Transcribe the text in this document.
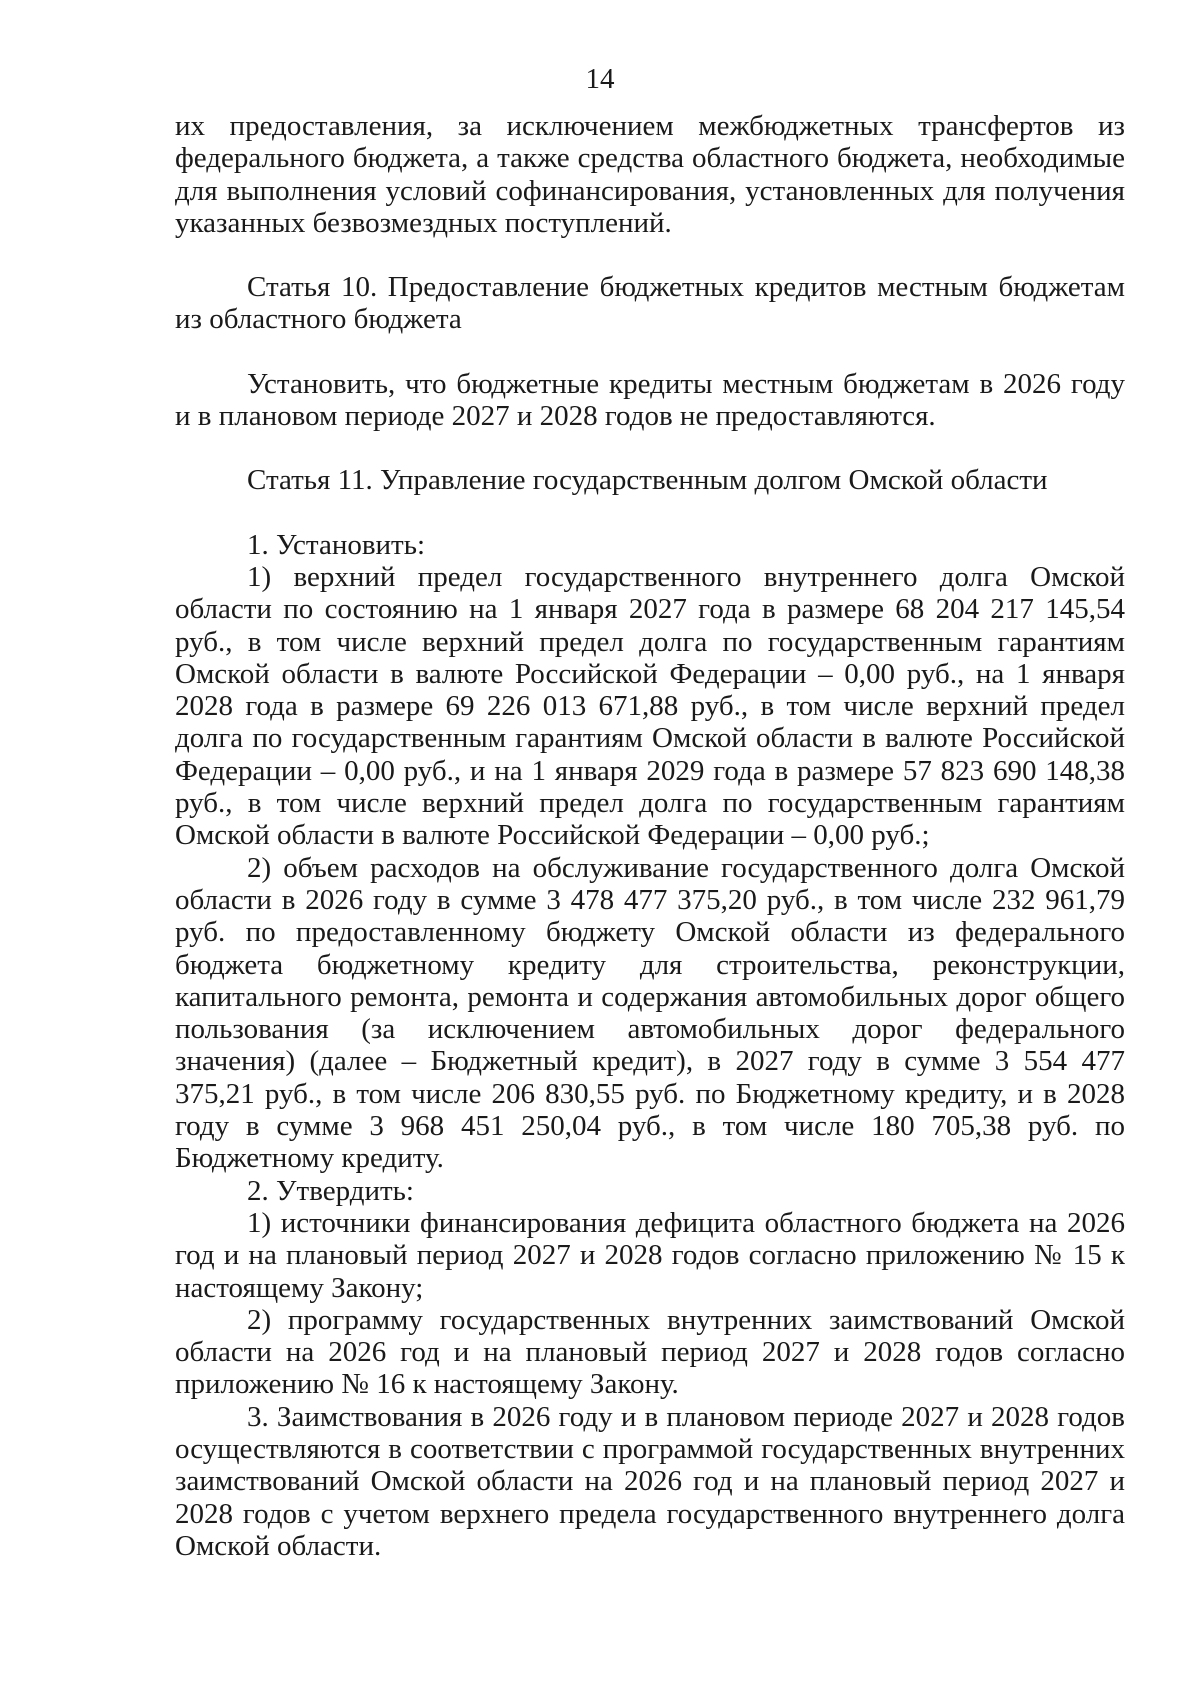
14

их предоставления, за исключением межбюджетных трансфертов из федерального бюджета, а также средства областного бюджета, необходимые для выполнения условий софинансирования, установленных для получения указанных безвозмездных поступлений.

Статья 10. Предоставление бюджетных кредитов местным бюджетам из областного бюджета

Установить, что бюджетные кредиты местным бюджетам в 2026 году и в плановом периоде 2027 и 2028 годов не предоставляются.

Статья 11. Управление государственным долгом Омской области

1. Установить:

1) верхний предел государственного внутреннего долга Омской области по состоянию на 1 января 2027 года в размере 68 204 217 145,54 руб., в том числе верхний предел долга по государственным гарантиям Омской области в валюте Российской Федерации – 0,00 руб., на 1 января 2028 года в размере 69 226 013 671,88 руб., в том числе верхний предел долга по государственным гарантиям Омской области в валюте Российской Федерации – 0,00 руб., и на 1 января 2029 года в размере 57 823 690 148,38 руб., в том числе верхний предел долга по государственным гарантиям Омской области в валюте Российской Федерации – 0,00 руб.;

2) объем расходов на обслуживание государственного долга Омской области в 2026 году в сумме 3 478 477 375,20 руб., в том числе 232 961,79 руб. по предоставленному бюджету Омской области из федерального бюджета бюджетному кредиту для строительства, реконструкции, капитального ремонта, ремонта и содержания автомобильных дорог общего пользования (за исключением автомобильных дорог федерального значения) (далее – Бюджетный кредит), в 2027 году в сумме 3 554 477 375,21 руб., в том числе 206 830,55 руб. по Бюджетному кредиту, и в 2028 году в сумме 3 968 451 250,04 руб., в том числе 180 705,38 руб. по Бюджетному кредиту.

2. Утвердить:

1) источники финансирования дефицита областного бюджета на 2026 год и на плановый период 2027 и 2028 годов согласно приложению № 15 к настоящему Закону;

2) программу государственных внутренних заимствований Омской области на 2026 год и на плановый период 2027 и 2028 годов согласно приложению № 16 к настоящему Закону.

3. Заимствования в 2026 году и в плановом периоде 2027 и 2028 годов осуществляются в соответствии с программой государственных внутренних заимствований Омской области на 2026 год и на плановый период 2027 и 2028 годов с учетом верхнего предела государственного внутреннего долга Омской области.
